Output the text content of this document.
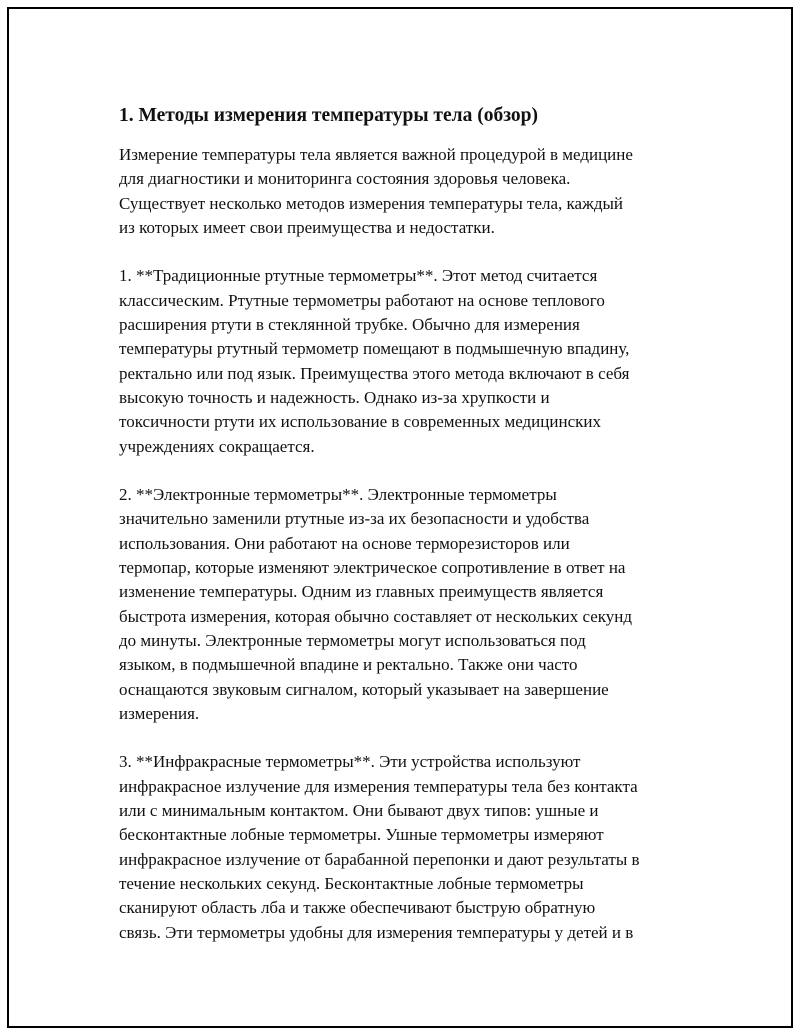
1. Методы измерения температуры тела (обзор)

Измерение температуры тела является важной процедурой в медицине
для диагностики и мониторинга состояния здоровья человека.
Существует несколько методов измерения температуры тела, каждый
из которых имеет свои преимущества и недостатки.

1. **Традиционные ртутные термометры**. Этот метод считается
классическим. Ртутные термометры работают на основе теплового
расширения ртути в стеклянной трубке. Обычно для измерения
температуры ртутный термометр помещают в подмышечную впадину,
ректально или под язык. Преимущества этого метода включают в себя
высокую точность и надежность. Однако из-за хрупкости и
токсичности ртути их использование в современных медицинских
учреждениях сокращается.

2. **Электронные термометры**. Электронные термометры
значительно заменили ртутные из-за их безопасности и удобства
использования. Они работают на основе терморезисторов или
термопар, которые изменяют электрическое сопротивление в ответ на
изменение температуры. Одним из главных преимуществ является
быстрота измерения, которая обычно составляет от нескольких секунд
до минуты. Электронные термометры могут использоваться под
языком, в подмышечной впадине и ректально. Также они часто
оснащаются звуковым сигналом, который указывает на завершение
измерения.

3. **Инфракрасные термометры**. Эти устройства используют
инфракрасное излучение для измерения температуры тела без контакта
или с минимальным контактом. Они бывают двух типов: ушные и
бесконтактные лобные термометры. Ушные термометры измеряют
инфракрасное излучение от барабанной перепонки и дают результаты в
течение нескольких секунд. Бесконтактные лобные термометры
сканируют область лба и также обеспечивают быструю обратную
связь. Эти термометры удобны для измерения температуры у детей и в
